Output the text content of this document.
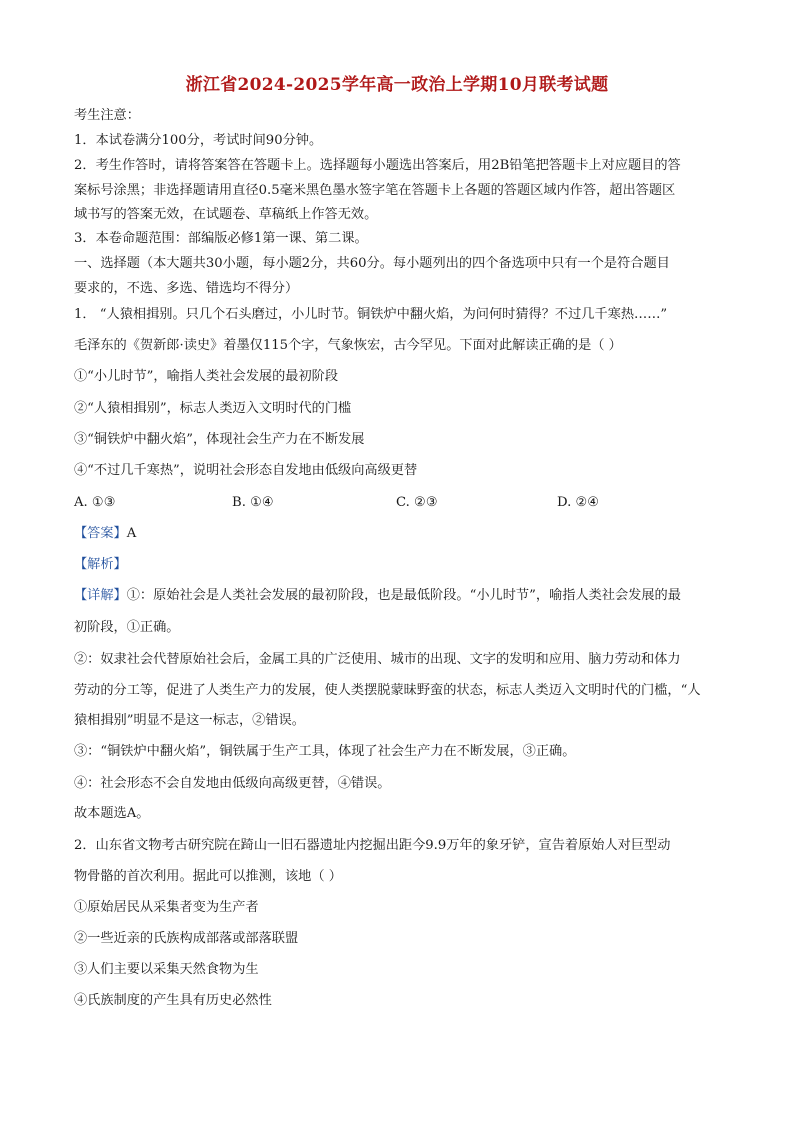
浙江省2024-2025学年高一政治上学期10月联考试题
考生注意：
1．本试卷满分100分，考试时间90分钟。
2．考生作答时，请将答案答在答题卡上。选择题每小题选出答案后，用2B铅笔把答题卡上对应题目的答
案标号涂黑；非选择题请用直径0.5毫米黑色墨水签字笔在答题卡上各题的答题区域内作答，超出答题区
域书写的答案无效，在试题卷、草稿纸上作答无效。
3．本卷命题范围：部编版必修1第一课、第二课。
一、选择题（本大题共30小题，每小题2分，共60分。每小题列出的四个备选项中只有一个是符合题目
要求的，不选、多选、错选均不得分）
1． “人猿相揖别。只几个石头磨过，小儿时节。铜铁炉中翻火焰，为问何时猜得？不过几千寒热……”
毛泽东的《贺新郎·读史》着墨仅115个字，气象恢宏，古今罕见。下面对此解读正确的是（ ）
①“小儿时节”，喻指人类社会发展的最初阶段
②“人猿相揖别”，标志人类迈入文明时代的门槛
③“铜铁炉中翻火焰”，体现社会生产力在不断发展
④“不过几千寒热”，说明社会形态自发地由低级向高级更替
A. ①③	B. ①④	C. ②③	D. ②④
【答案】A
【解析】
【详解】①：原始社会是人类社会发展的最初阶段，也是最低阶段。“小儿时节”，喻指人类社会发展的最
初阶段，①正确。
②：奴隶社会代替原始社会后，金属工具的广泛使用、城市的出现、文字的发明和应用、脑力劳动和体力
劳动的分工等，促进了人类生产力的发展，使人类摆脱蒙昧野蛮的状态，标志人类迈入文明时代的门槛，“人
猿相揖别”明显不是这一标志，②错误。
③：“铜铁炉中翻火焰”，铜铁属于生产工具，体现了社会生产力在不断发展，③正确。
④：社会形态不会自发地由低级向高级更替，④错误。
故本题选A。
2．山东省文物考古研究院在踦山一旧石器遗址内挖掘出距今9.9万年的象牙铲，宣告着原始人对巨型动
物骨骼的首次利用。据此可以推测，该地（ ）
①原始居民从采集者变为生产者
②一些近亲的氏族构成部落或部落联盟
③人们主要以采集天然食物为生
④氏族制度的产生具有历史必然性
